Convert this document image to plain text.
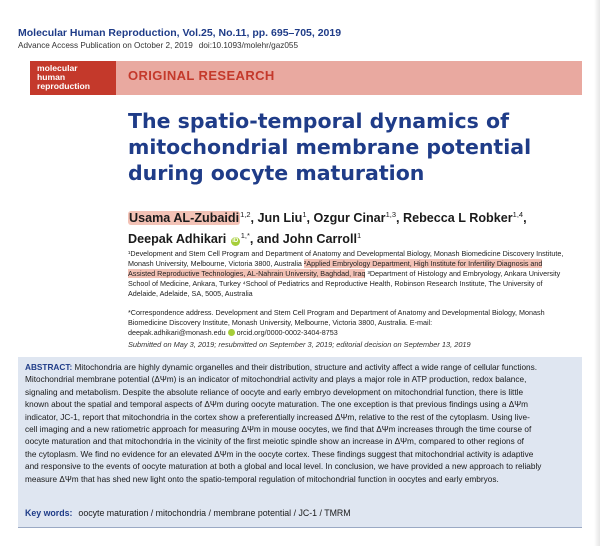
Molecular Human Reproduction, Vol.25, No.11, pp. 695–705, 2019
Advance Access Publication on October 2, 2019 doi:10.1093/molehr/gaz055
molecular
human
reproduction
ORIGINAL RESEARCH
The spatio-temporal dynamics of
mitochondrial membrane potential
during oocyte maturation
Usama AL-Zubaidi$^{1,2}$, Jun Liu$^1$, Ozgur Cinar$^{1,3}$, Rebecca L Robker$^{1,4}$,
Deepak Adhikari $iD^{1,*}$, and John Carroll$^1$
¹Development and Stem Cell Program and Department of Anatomy and Developmental Biology, Monash Biomedicine Discovery Institute,
Monash University, Melbourne, Victoria 3800, Australia ²Applied Embryology Department, High Institute for Infertility Diagnosis and
Assisted Reproductive Technologies, AL-Nahrain University, Baghdad, Iraq ³Department of Histology and Embryology, Ankara University
School of Medicine, Ankara, Turkey ⁴School of Pediatrics and Reproductive Health, Robinson Research Institute, The University of
Adelaide, Adelaide, SA, 5005, Australia
*Correspondence address. Development and Stem Cell Program and Department of Anatomy and Developmental Biology, Monash
Biomedicine Discovery Institute, Monash University, Melbourne, Victoria 3800, Australia. E-mail:
deepak.adhikari@monash.edu orcid.org/0000-0002-3404-8753
Submitted on May 3, 2019; resubmitted on September 3, 2019; editorial decision on September 13, 2019
ABSTRACT: Mitochondria are highly dynamic organelles and their distribution, structure and activity affect a wide range of cellular functions.
Mitochondrial membrane potential (ΔΨm) is an indicator of mitochondrial activity and plays a major role in ATP production, redox balance,
signaling and metabolism. Despite the absolute reliance of oocyte and early embryo development on mitochondrial function, there is little
known about the spatial and temporal aspects of ΔΨm during oocyte maturation. The one exception is that previous findings using a ΔΨm
indicator, JC-1, report that mitochondria in the cortex show a preferentially increased ΔΨm, relative to the rest of the cytoplasm. Using live-
cell imaging and a new ratiometric approach for measuring ΔΨm in mouse oocytes, we find that ΔΨm increases through the time course of
oocyte maturation and that mitochondria in the vicinity of the first meiotic spindle show an increase in ΔΨm, compared to other regions of
the cytoplasm. We find no evidence for an elevated ΔΨm in the oocyte cortex. These findings suggest that mitochondrial activity is adaptive
and responsive to the events of oocyte maturation at both a global and local level. In conclusion, we have provided a new approach to reliably
measure ΔΨm that has shed new light onto the spatio-temporal regulation of mitochondrial function in oocytes and early embryos.
Key words: oocyte maturation / mitochondria / membrane potential / JC-1 / TMRM
